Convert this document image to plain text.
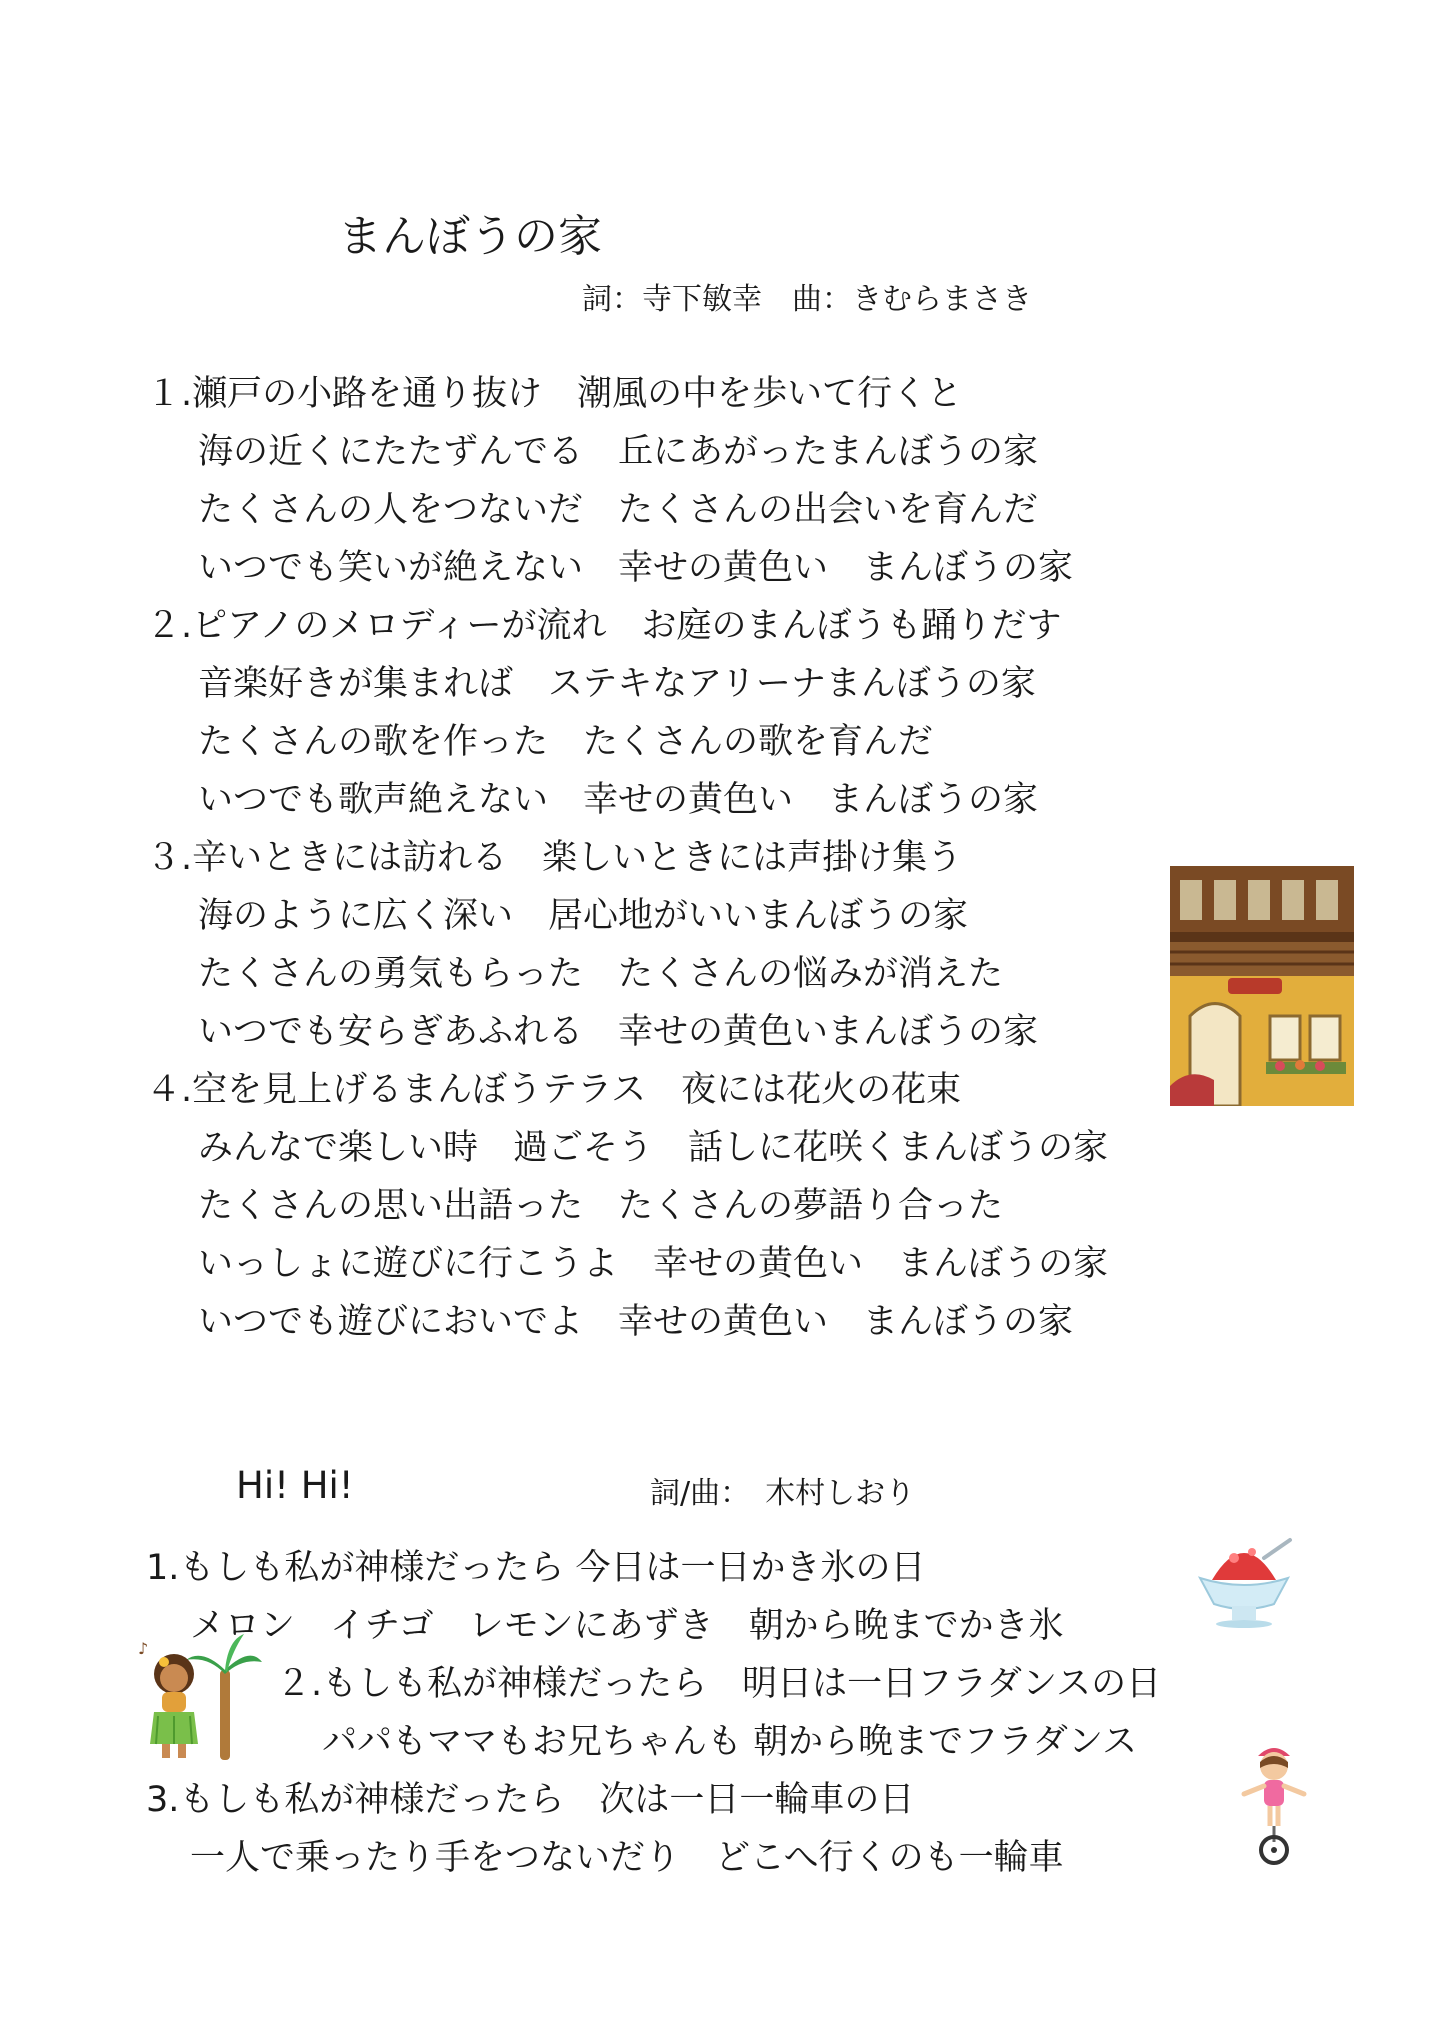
まんぼうの家
詞：寺下敏幸　曲：きむらまさき
１.瀬戸の小路を通り抜け　潮風の中を歩いて行くと
海の近くにたたずんでる　丘にあがったまんぼうの家
たくさんの人をつないだ　たくさんの出会いを育んだ
いつでも笑いが絶えない　幸せの黄色い　まんぼうの家
２.ピアノのメロディーが流れ　お庭のまんぼうも踊りだす
音楽好きが集まれば　ステキなアリーナまんぼうの家
たくさんの歌を作った　たくさんの歌を育んだ
いつでも歌声絶えない　幸せの黄色い　まんぼうの家
３.辛いときには訪れる　楽しいときには声掛け集う
海のように広く深い　居心地がいいまんぼうの家
たくさんの勇気もらった　たくさんの悩みが消えた
いつでも安らぎあふれる　幸せの黄色いまんぼうの家
４.空を見上げるまんぼうテラス　夜には花火の花束
みんなで楽しい時　過ごそう　話しに花咲くまんぼうの家
たくさんの思い出語った　たくさんの夢語り合った
いっしょに遊びに行こうよ　幸せの黄色い　まんぼうの家
いつでも遊びにおいでよ　幸せの黄色い　まんぼうの家
Hi! Hi!	詞/曲：　木村しおり
1.もしも私が神様だったら 今日は一日かき氷の日
メロン　イチゴ　レモンにあずき　朝から晩までかき氷
２.もしも私が神様だったら　明日は一日フラダンスの日
パパもママもお兄ちゃんも 朝から晩までフラダンス
3.もしも私が神様だったら　次は一日一輪車の日
一人で乗ったり手をつないだり　どこへ行くのも一輪車
♪
